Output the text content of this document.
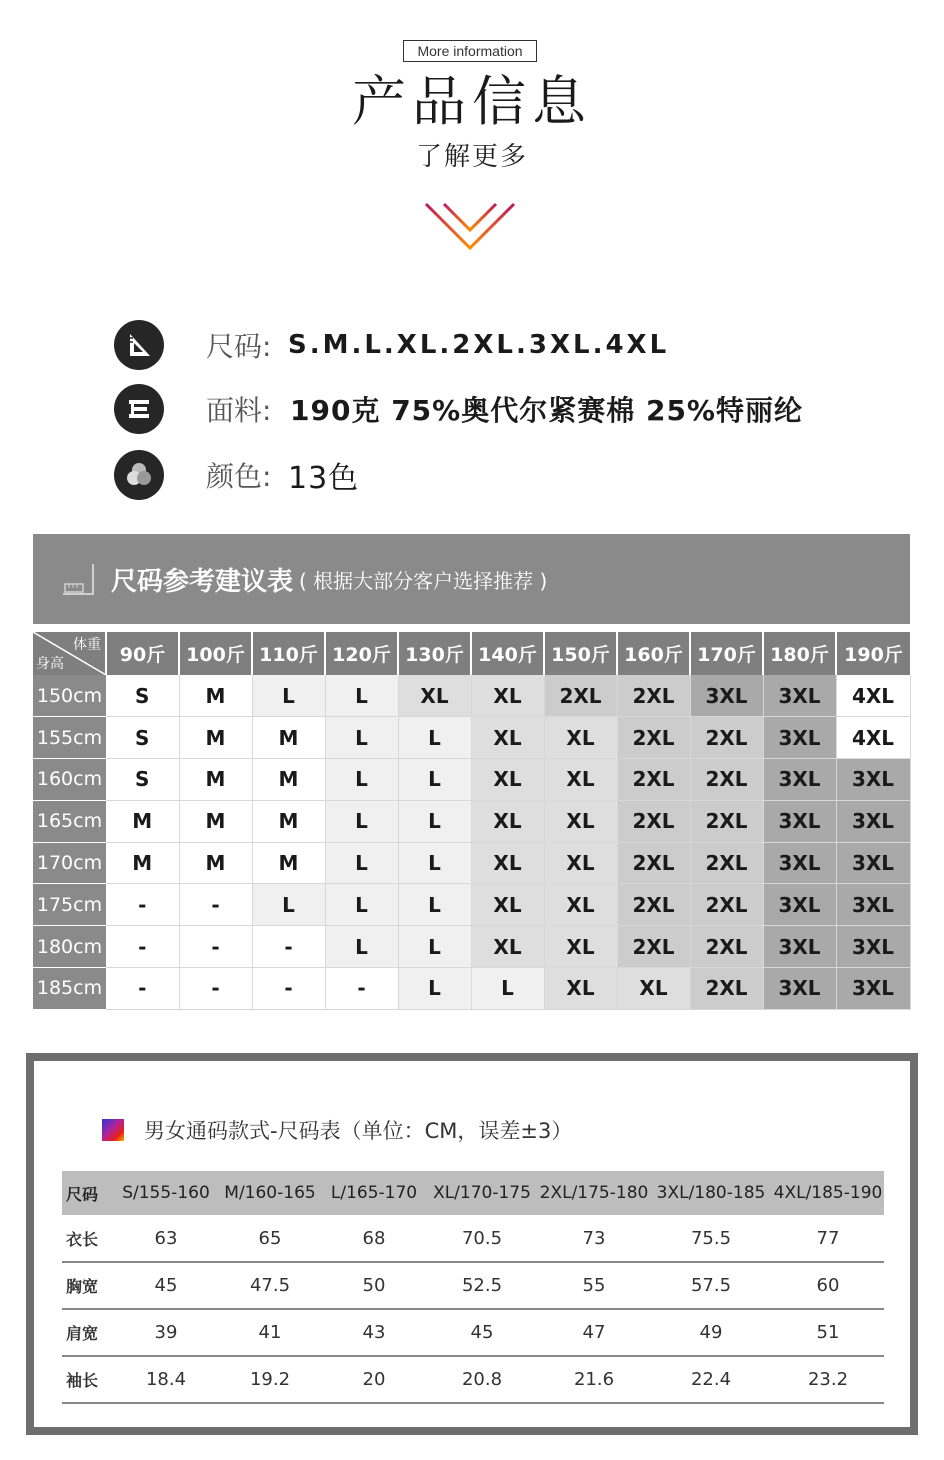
More information
产品信息
了解更多
尺码: S.M.L.XL.2XL.3XL.4XL
面料: 190克 75%奥代尔紧赛棉 25%特丽纶
颜色: 13色
尺码参考建议表 ( 根据大部分客户选择推荐 )
体重
身高	90斤	100斤	110斤	120斤	130斤	140斤	150斤	160斤	170斤	180斤	190斤
150cm	S	M	L	L	XL	XL	2XL	2XL	3XL	3XL	4XL
155cm	S	M	M	L	L	XL	XL	2XL	2XL	3XL	4XL
160cm	S	M	M	L	L	XL	XL	2XL	2XL	3XL	3XL
165cm	M	M	M	L	L	XL	XL	2XL	2XL	3XL	3XL
170cm	M	M	M	L	L	XL	XL	2XL	2XL	3XL	3XL
175cm	-	-	L	L	L	XL	XL	2XL	2XL	3XL	3XL
180cm	-	-	-	L	L	XL	XL	2XL	2XL	3XL	3XL
185cm	-	-	-	-	L	L	XL	XL	2XL	3XL	3XL
男女通码款式-尺码表（单位：CM，误差±3）
尺码	S/155-160	M/160-165	L/165-170	XL/170-175	2XL/175-180	3XL/180-185	4XL/185-190
衣长	63	65	68	70.5	73	75.5	77
胸宽	45	47.5	50	52.5	55	57.5	60
肩宽	39	41	43	45	47	49	51
袖长	18.4	19.2	20	20.8	21.6	22.4	23.2
